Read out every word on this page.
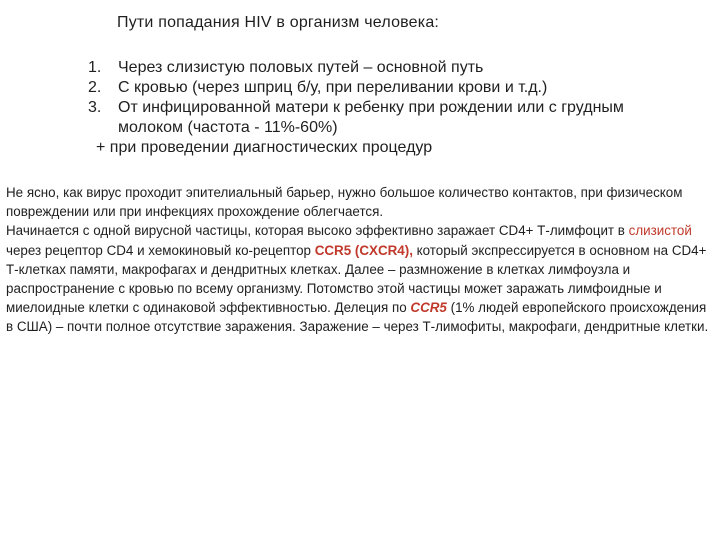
Пути попадания HIV в организм человека:
1.	Через слизистую половых путей – основной путь
2.	С кровью (через шприц б/у, при переливании крови и т.д.)
3.	От инфицированной матери к ребенку при рождении или с грудным молоком (частота - 11%-60%)
+ при проведении диагностических процедур
Не ясно, как вирус проходит эпителиальный барьер, нужно большое количество контактов, при физическом повреждении или при инфекциях прохождение облегчается.
Начинается с одной вирусной частицы, которая высоко эффективно заражает CD4+ Т-лимфоцит в слизистой через рецептор CD4 и хемокиновый ко-рецептор CCR5 (CXCR4), который экспрессируется в основном на CD4+ Т-клетках памяти, макрофагах и дендритных клетках. Далее – размножение в клетках лимфоузла и распространение с кровью по всему организму. Потомство этой частицы может заражать лимфоидные и миелоидные клетки с одинаковой эффективностью. Делеция по CCR5 (1% людей европейского происхождения в США) – почти полное отсутствие заражения. Заражение – через Т-лимофиты, макрофаги, дендритные клетки.
